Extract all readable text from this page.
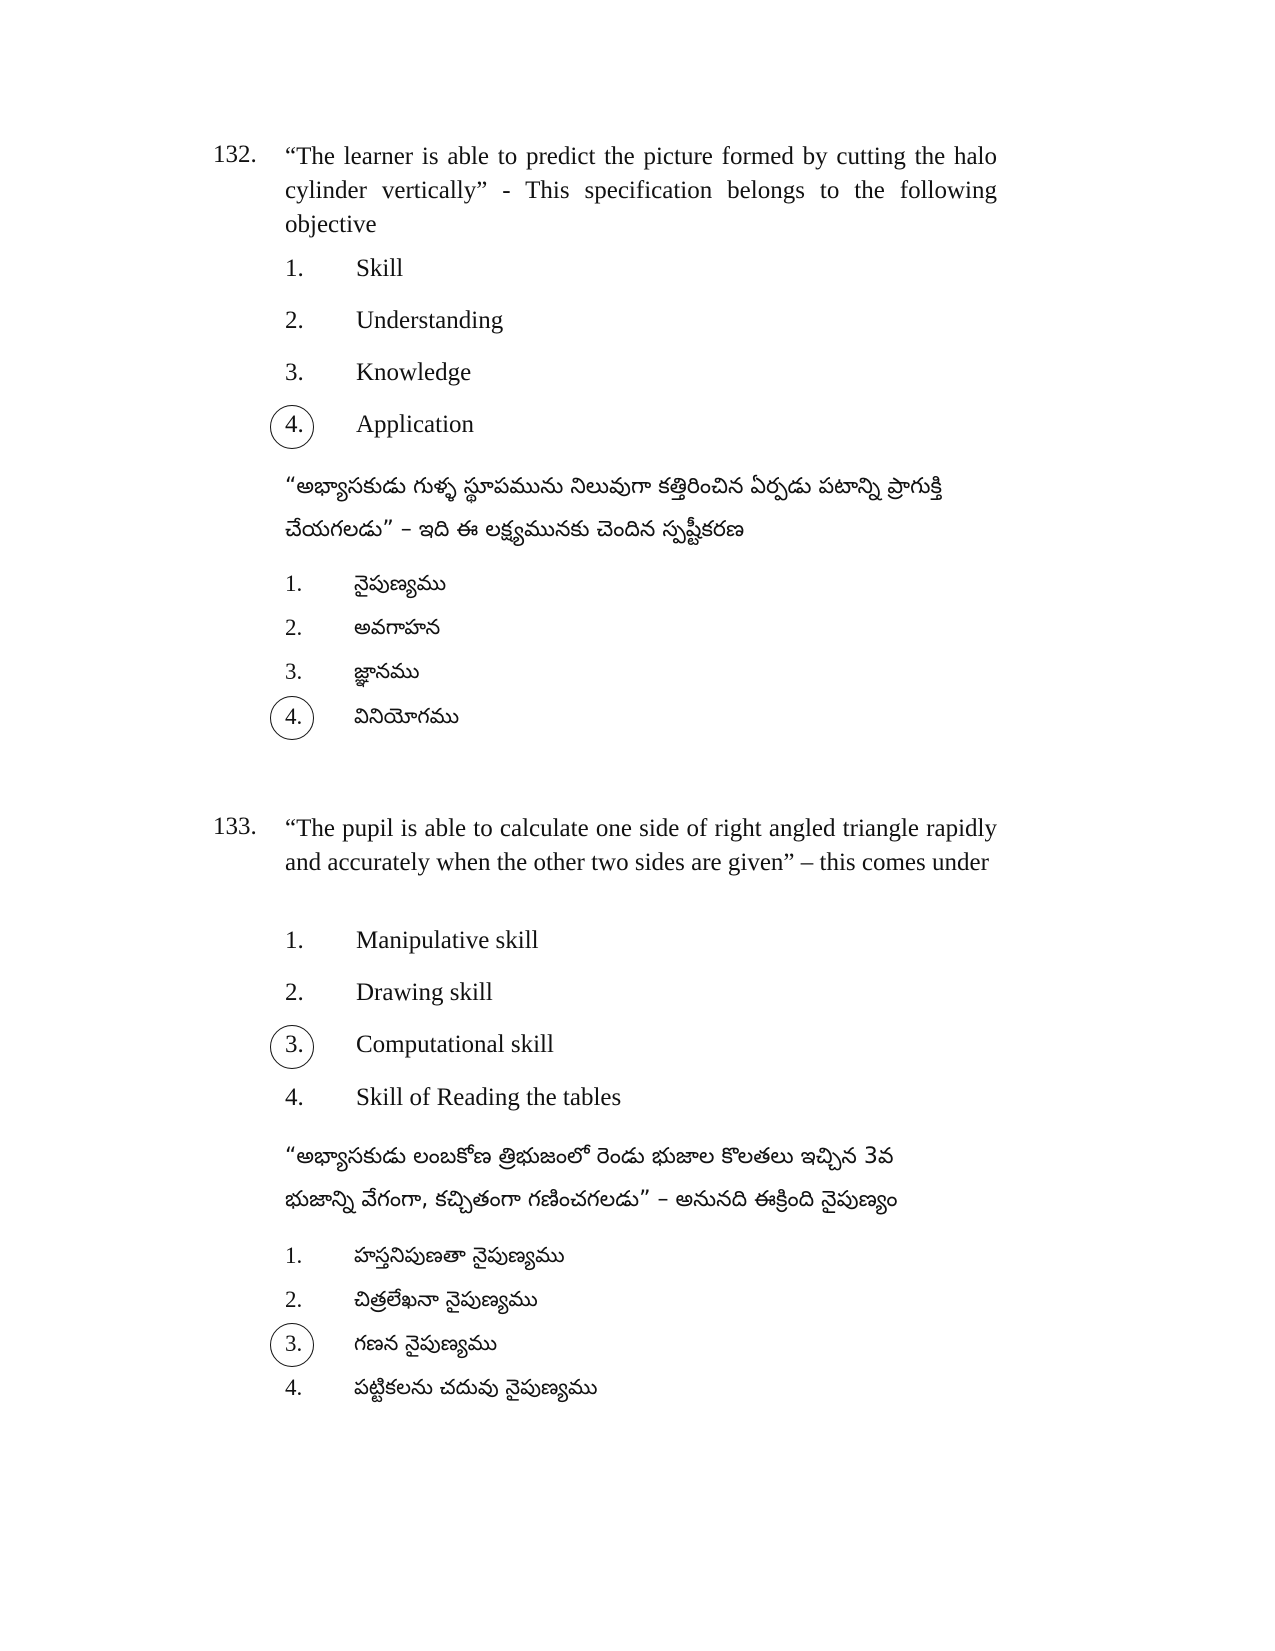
132. “The learner is able to predict the picture formed by cutting the halo cylinder vertically” - This specification belongs to the following objective
1.	Skill
2.	Understanding
3.	Knowledge
4.	Application
“అభ్యాసకుడు గుళ్ళ స్థూపమును నిలువుగా కత్తిరించిన ఏర్పడు పటాన్ని ప్రాగుక్తి
చేయగలడు” – ఇది ఈ లక్ష్యమునకు చెందిన స్పష్టీకరణ
1. నైపుణ్యము
2. అవగాహన
3. జ్ఞానము
4. వినియోగము
133. “The pupil is able to calculate one side of right angled triangle rapidly and accurately when the other two sides are given” – this comes under
1.	Manipulative skill
2.	Drawing skill
3.	Computational skill
4.	Skill of Reading the tables
“అభ్యాసకుడు లంబకోణ త్రిభుజంలో రెండు భుజాల కొలతలు ఇచ్చిన 3వ
భుజాన్ని వేగంగా, కచ్చితంగా గణించగలడు” – అనునది ఈక్రింది నైపుణ్యం
1. హస్తనిపుణతా నైపుణ్యము
2. చిత్రలేఖనా నైపుణ్యము
3. గణన నైపుణ్యము
4. పట్టికలను చదువు నైపుణ్యము
